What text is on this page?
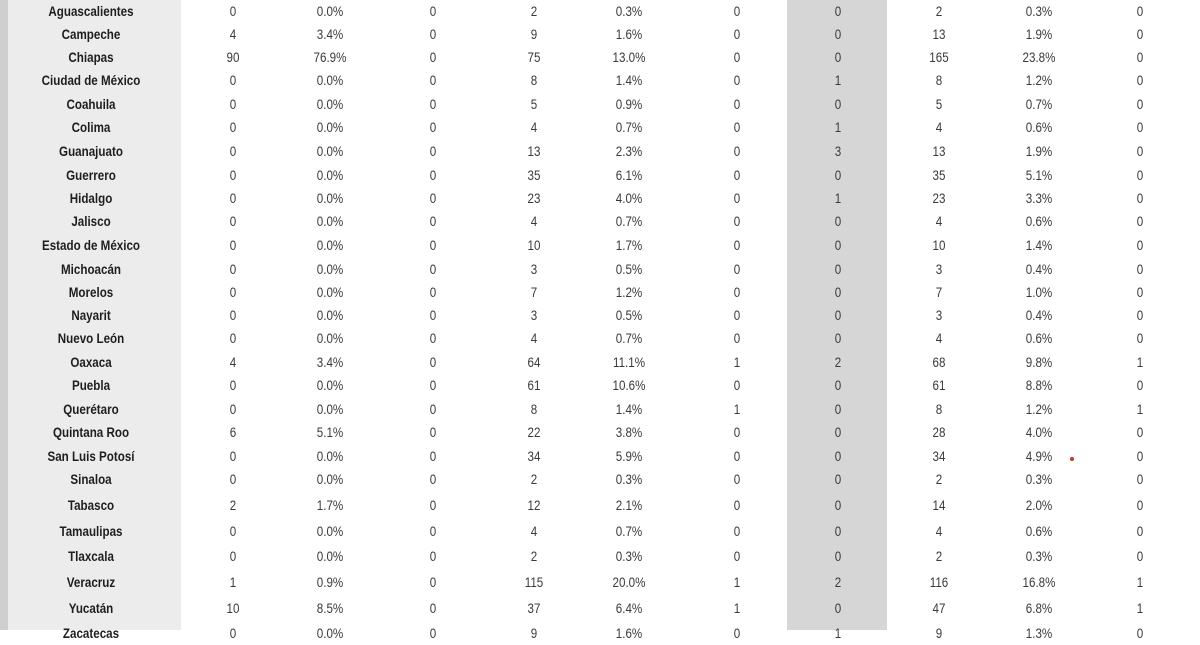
Aguascalientes	0	0.0%	0	2	0.3%	0	0	2	0.3%	0
Campeche	4	3.4%	0	9	1.6%	0	0	13	1.9%	0
Chiapas	90	76.9%	0	75	13.0%	0	0	165	23.8%	0
Ciudad de México	0	0.0%	0	8	1.4%	0	1	8	1.2%	0
Coahuila	0	0.0%	0	5	0.9%	0	0	5	0.7%	0
Colima	0	0.0%	0	4	0.7%	0	1	4	0.6%	0
Guanajuato	0	0.0%	0	13	2.3%	0	3	13	1.9%	0
Guerrero	0	0.0%	0	35	6.1%	0	0	35	5.1%	0
Hidalgo	0	0.0%	0	23	4.0%	0	1	23	3.3%	0
Jalisco	0	0.0%	0	4	0.7%	0	0	4	0.6%	0
Estado de México	0	0.0%	0	10	1.7%	0	0	10	1.4%	0
Michoacán	0	0.0%	0	3	0.5%	0	0	3	0.4%	0
Morelos	0	0.0%	0	7	1.2%	0	0	7	1.0%	0
Nayarit	0	0.0%	0	3	0.5%	0	0	3	0.4%	0
Nuevo León	0	0.0%	0	4	0.7%	0	0	4	0.6%	0
Oaxaca	4	3.4%	0	64	11.1%	1	2	68	9.8%	1
Puebla	0	0.0%	0	61	10.6%	0	0	61	8.8%	0
Querétaro	0	0.0%	0	8	1.4%	1	0	8	1.2%	1
Quintana Roo	6	5.1%	0	22	3.8%	0	0	28	4.0%	0
San Luis Potosí	0	0.0%	0	34	5.9%	0	0	34	4.9%	0
Sinaloa	0	0.0%	0	2	0.3%	0	0	2	0.3%	0
Tabasco	2	1.7%	0	12	2.1%	0	0	14	2.0%	0
Tamaulipas	0	0.0%	0	4	0.7%	0	0	4	0.6%	0
Tlaxcala	0	0.0%	0	2	0.3%	0	0	2	0.3%	0
Veracruz	1	0.9%	0	115	20.0%	1	2	116	16.8%	1
Yucatán	10	8.5%	0	37	6.4%	1	0	47	6.8%	1
Zacatecas	0	0.0%	0	9	1.6%	0	1	9	1.3%	0
